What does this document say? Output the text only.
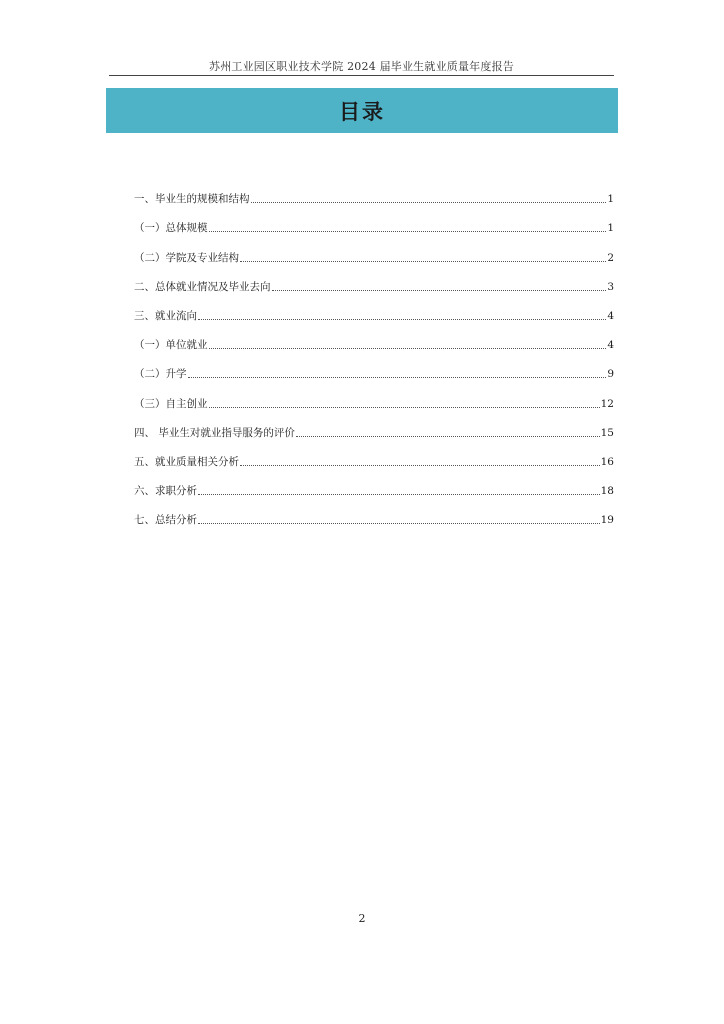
苏州工业园区职业技术学院 2024 届毕业生就业质量年度报告
目录
一、毕业生的规模和结构	1
（一）总体规模	1
（二）学院及专业结构	2
二、总体就业情况及毕业去向	3
三、就业流向	4
（一）单位就业	4
（二）升学	9
（三）自主创业	12
四、 毕业生对就业指导服务的评价	15
五、就业质量相关分析	16
六、求职分析	18
七、总结分析	19
2
